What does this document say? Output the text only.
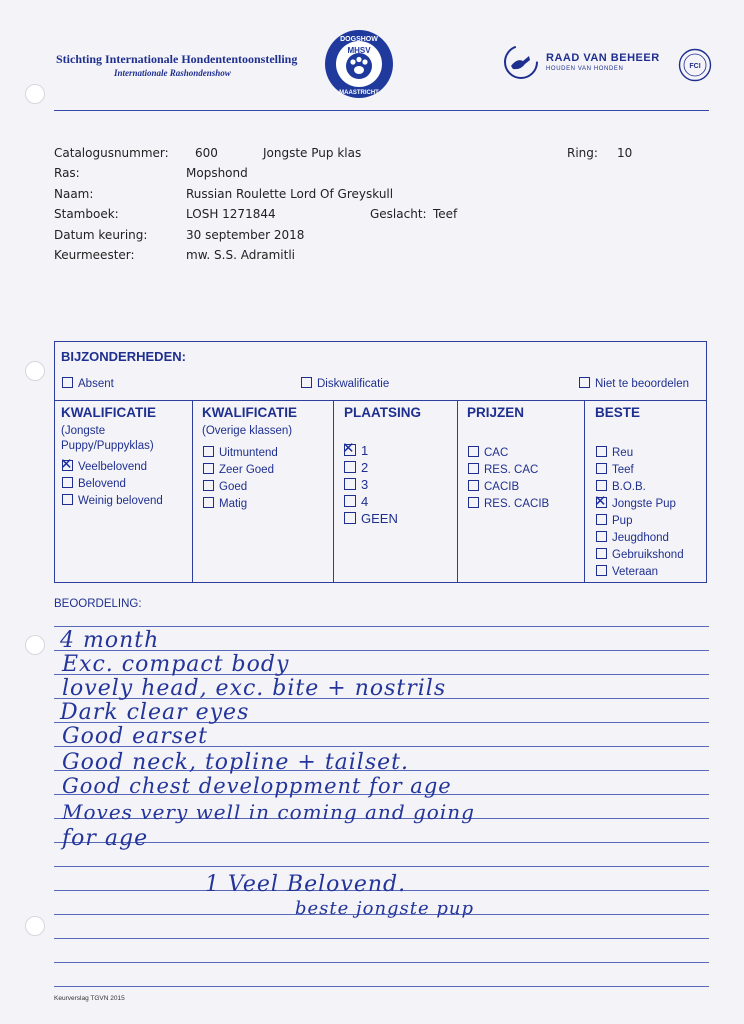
Stichting Internationale Hondententoonstelling
Internationale Rashondenshow
DOGSHOW
MHSV
MAASTRICHT
RAAD VAN BEHEER
HOUDEN VAN HONDEN	FCI
Catalogusnummer: 600	Jongste Pup klas	Ring: 10
Ras:	Mopshond
Naam:	Russian Roulette Lord Of Greyskull
Stamboek:	LOSH 1271844	Geslacht: Teef
Datum keuring:	30 september 2018
Keurmeester:	mw. S.S. Adramitli
BIJZONDERHEDEN:
Absent	Diskwalificatie	Niet te beoordelen
KWALIFICATIE
(Jongste
Puppy/Puppyklas)
✕ Veelbelovend
Belovend
Weinig belovend
KWALIFICATIE
(Overige klassen)
Uitmuntend
Zeer Goed
Goed
Matig
PLAATSING
✕ 1
2
3
4
GEEN
PRIJZEN
CAC
RES. CAC
CACIB
RES. CACIB
BESTE
Reu
Teef
B.O.B.
✕ Jongste Pup
Pup
Jeugdhond
Gebruikshond
Veteraan
BEOORDELING:
4 month
Exc. compact body
lovely head, exc. bite + nostrils
Dark clear eyes
Good earset
Good neck, topline + tailset.
Good chest developpment for age
Moves very well in coming and going
for age
1 Veel Belovend.
beste jongste pup
Keurverslag TGVN 2015
